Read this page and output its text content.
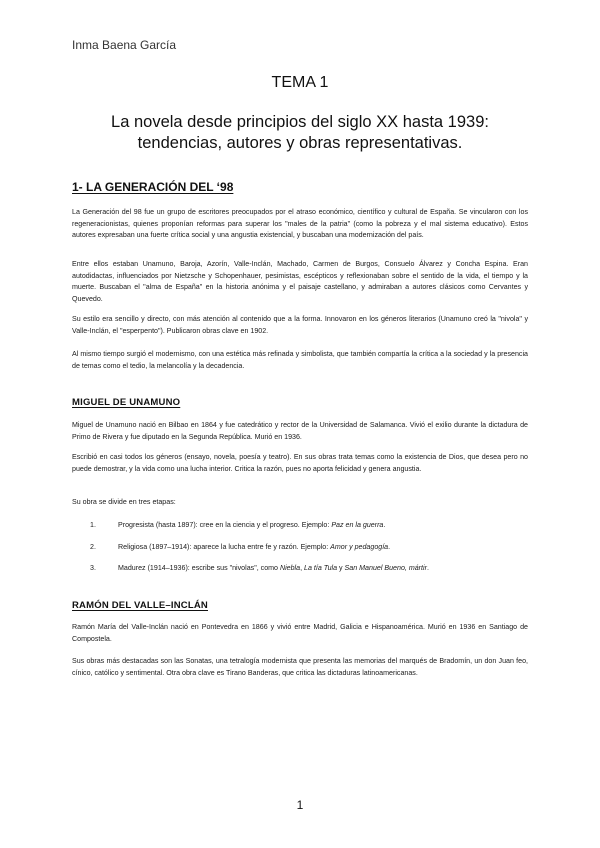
Inma Baena García
TEMA 1
La novela desde principios del siglo XX hasta 1939:
tendencias, autores y obras representativas.
1- LA GENERACIÓN DEL ‘98

La Generación del 98 fue un grupo de escritores preocupados por el atraso económico, científico y cultural de España. Se vincularon con los regeneracionistas, quienes proponían reformas para superar los "males de la patria" (como la pobreza y el mal sistema educativo). Estos autores expresaban una fuerte crítica social y una angustia existencial, y buscaban una modernización del país.

Entre ellos estaban Unamuno, Baroja, Azorín, Valle-Inclán, Machado, Carmen de Burgos, Consuelo Álvarez y Concha Espina. Eran autodidactas, influenciados por Nietzsche y Schopenhauer, pesimistas, escépticos y reflexionaban sobre el sentido de la vida, el tiempo y la muerte. Buscaban el "alma de España" en la historia anónima y el paisaje castellano, y admiraban a autores clásicos como Cervantes y Quevedo.

Su estilo era sencillo y directo, con más atención al contenido que a la forma. Innovaron en los géneros literarios (Unamuno creó la "nivola" y Valle-Inclán, el "esperpento"). Publicaron obras clave en 1902.

Al mismo tiempo surgió el modernismo, con una estética más refinada y simbolista, que también compartía la crítica a la sociedad y la presencia de temas como el tedio, la melancolía y la decadencia.

MIGUEL DE UNAMUNO

Miguel de Unamuno nació en Bilbao en 1864 y fue catedrático y rector de la Universidad de Salamanca. Vivió el exilio durante la dictadura de Primo de Rivera y fue diputado en la Segunda República. Murió en 1936.

Escribió en casi todos los géneros (ensayo, novela, poesía y teatro). En sus obras trata temas como la existencia de Dios, que desea pero no puede demostrar, y la vida como una lucha interior. Critica la razón, pues no aporta felicidad y genera angustia.

Su obra se divide en tres etapas:

1.	Progresista (hasta 1897): cree en la ciencia y el progreso. Ejemplo: Paz en la guerra.
2.	Religiosa (1897–1914): aparece la lucha entre fe y razón. Ejemplo: Amor y pedagogía.
3.	Madurez (1914–1936): escribe sus "nivolas", como Niebla, La tía Tula y San Manuel Bueno, mártir.
RAMÓN DEL VALLE–INCLÁN

Ramón María del Valle-Inclán nació en Pontevedra en 1866 y vivió entre Madrid, Galicia e Hispanoamérica. Murió en 1936 en Santiago de Compostela.

Sus obras más destacadas son las Sonatas, una tetralogía modernista que presenta las memorias del marqués de Bradomín, un don Juan feo, cínico, católico y sentimental. Otra obra clave es Tirano Banderas, que critica las dictaduras latinoamericanas.

1
